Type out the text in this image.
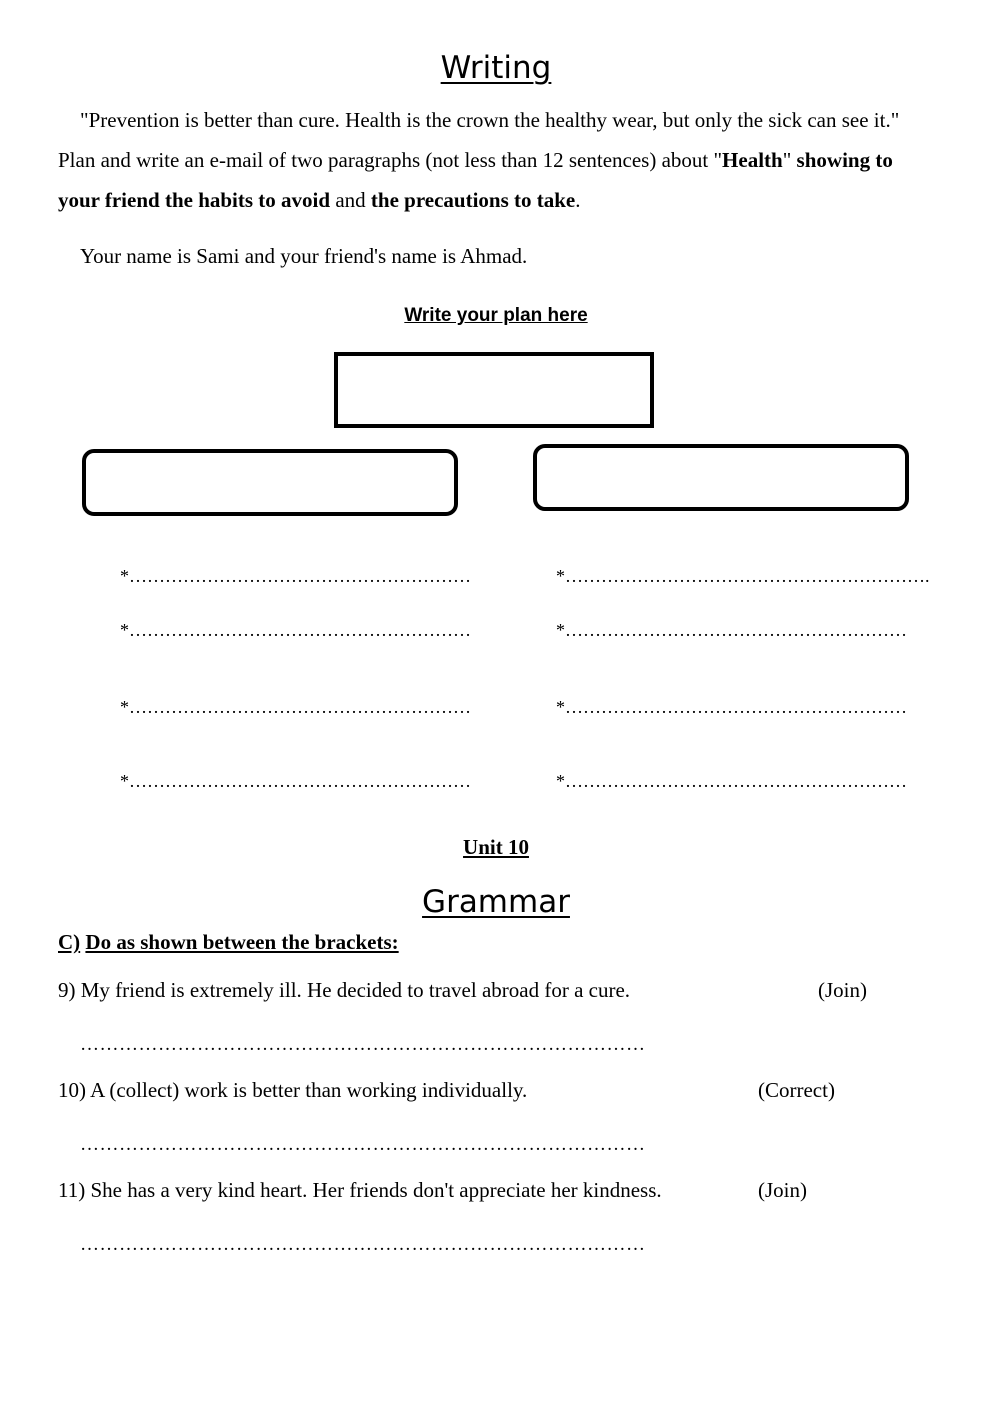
Writing
"Prevention is better than cure. Health is the crown the healthy wear, but only the sick can see it." Plan and write an e-mail of two paragraphs (not less than 12 sentences) about "Health" showing to your friend the habits to avoid and the precautions to take.
Your name is Sami and your friend's name is Ahmad.
Write your plan here
*…………………………………………………
*…………………………………………………
*…………………………………………………
*…………………………………………………
*…………………………………………………….
*…………………………………………………
*…………………………………………………
*…………………………………………………
Unit 10
Grammar
C) Do as shown between the brackets:
9) My friend is extremely ill. He decided to travel abroad for a cure.	(Join)
……………………………………………………………………………
10) A (collect) work is better than working individually.	(Correct)
……………………………………………………………………………
11) She has a very kind heart. Her friends don't appreciate her kindness.	(Join)
……………………………………………………………………………
